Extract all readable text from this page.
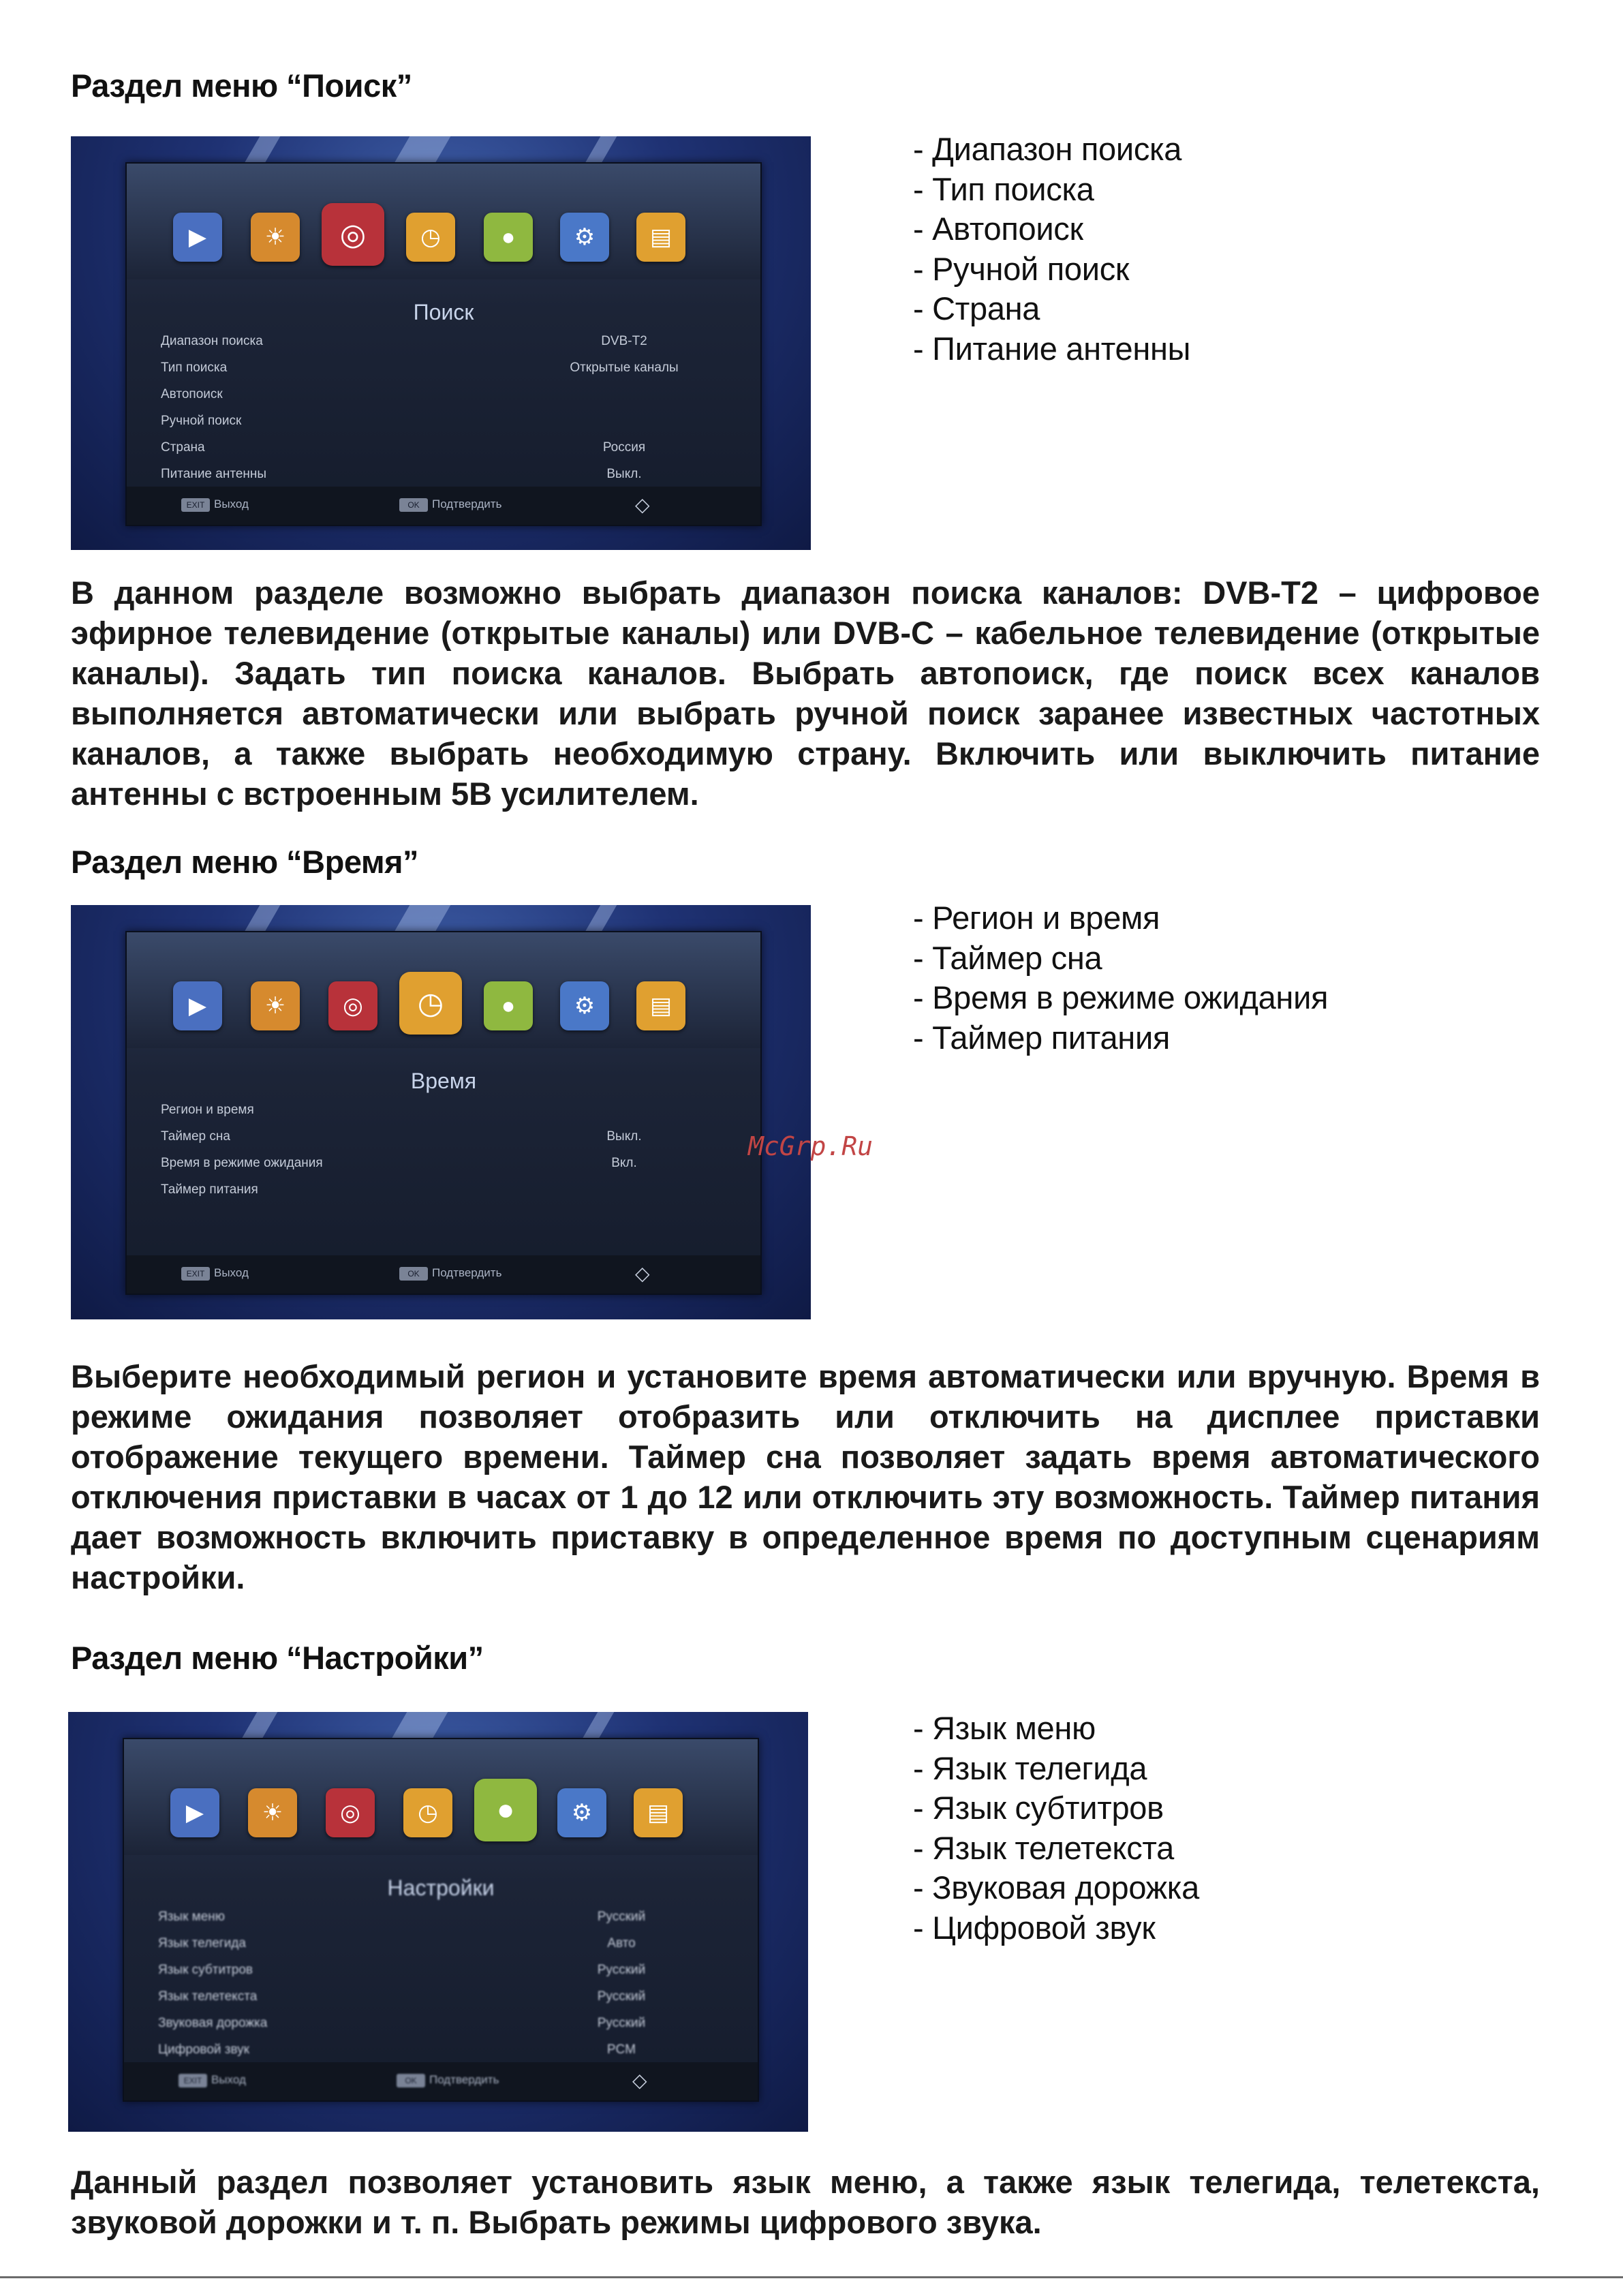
Раздел меню “Поиск”
▶	☀	◎	◷	●	⚙	▤
Поиск
Диапазон поиска	DVB-T2
Тип поиска	Открытые каналы
Автопоиск
Ручной поиск
Страна	Россия
Питание антенны	Выкл.
EXIT Выход	OK Подтвердить	◇
- Диапазон поиска
- Тип поиска
- Автопоиск
- Ручной поиск
- Страна
- Питание антенны
В данном разделе возможно выбрать диапазон поиска каналов: DVB-T2 – цифровое
эфирное телевидение (открытые каналы) или DVB-C – кабельное телевидение (открытые
каналы). Задать тип поиска каналов. Выбрать автопоиск, где поиск всех каналов
выполняется автоматически или выбрать ручной поиск заранее известных частотных
каналов, а также выбрать необходимую страну. Включить или выключить питание
антенны с встроенным 5В усилителем.
Раздел меню “Время”
▶	☀	◎	◷	●	⚙	▤
Время
Регион и время
Таймер сна	Выкл.
Время в режиме ожидания	Вкл.
Таймер питания
EXIT Выход	OK Подтвердить	◇
- Регион и время
- Таймер сна
- Время в режиме ожидания
- Таймер питания
McGrp.Ru
Выберите необходимый регион и установите время автоматически или вручную. Время в
режиме ожидания позволяет отобразить или отключить на дисплее приставки
отображение текущего времени. Таймер сна позволяет задать время автоматического
отключения приставки в часах от 1 до 12 или отключить эту возможность. Таймер питания
дает возможность включить приставку в определенное время по доступным сценариям
настройки.
Раздел меню “Настройки”
▶	☀	◎	◷	●	⚙	▤
Настройки
Язык меню	Русский
Язык телегида	Авто
Язык субтитров	Русский
Язык телетекста	Русский
Звуковая дорожка	Русский
Цифровой звук	PCM
EXIT Выход	OK Подтвердить	◇
- Язык меню
- Язык телегида
- Язык субтитров
- Язык телетекста
- Звуковая дорожка
- Цифровой звук
Данный раздел позволяет установить язык меню, а также язык телегида, телетекста,
звуковой дорожки и т. п. Выбрать режимы цифрового звука.
